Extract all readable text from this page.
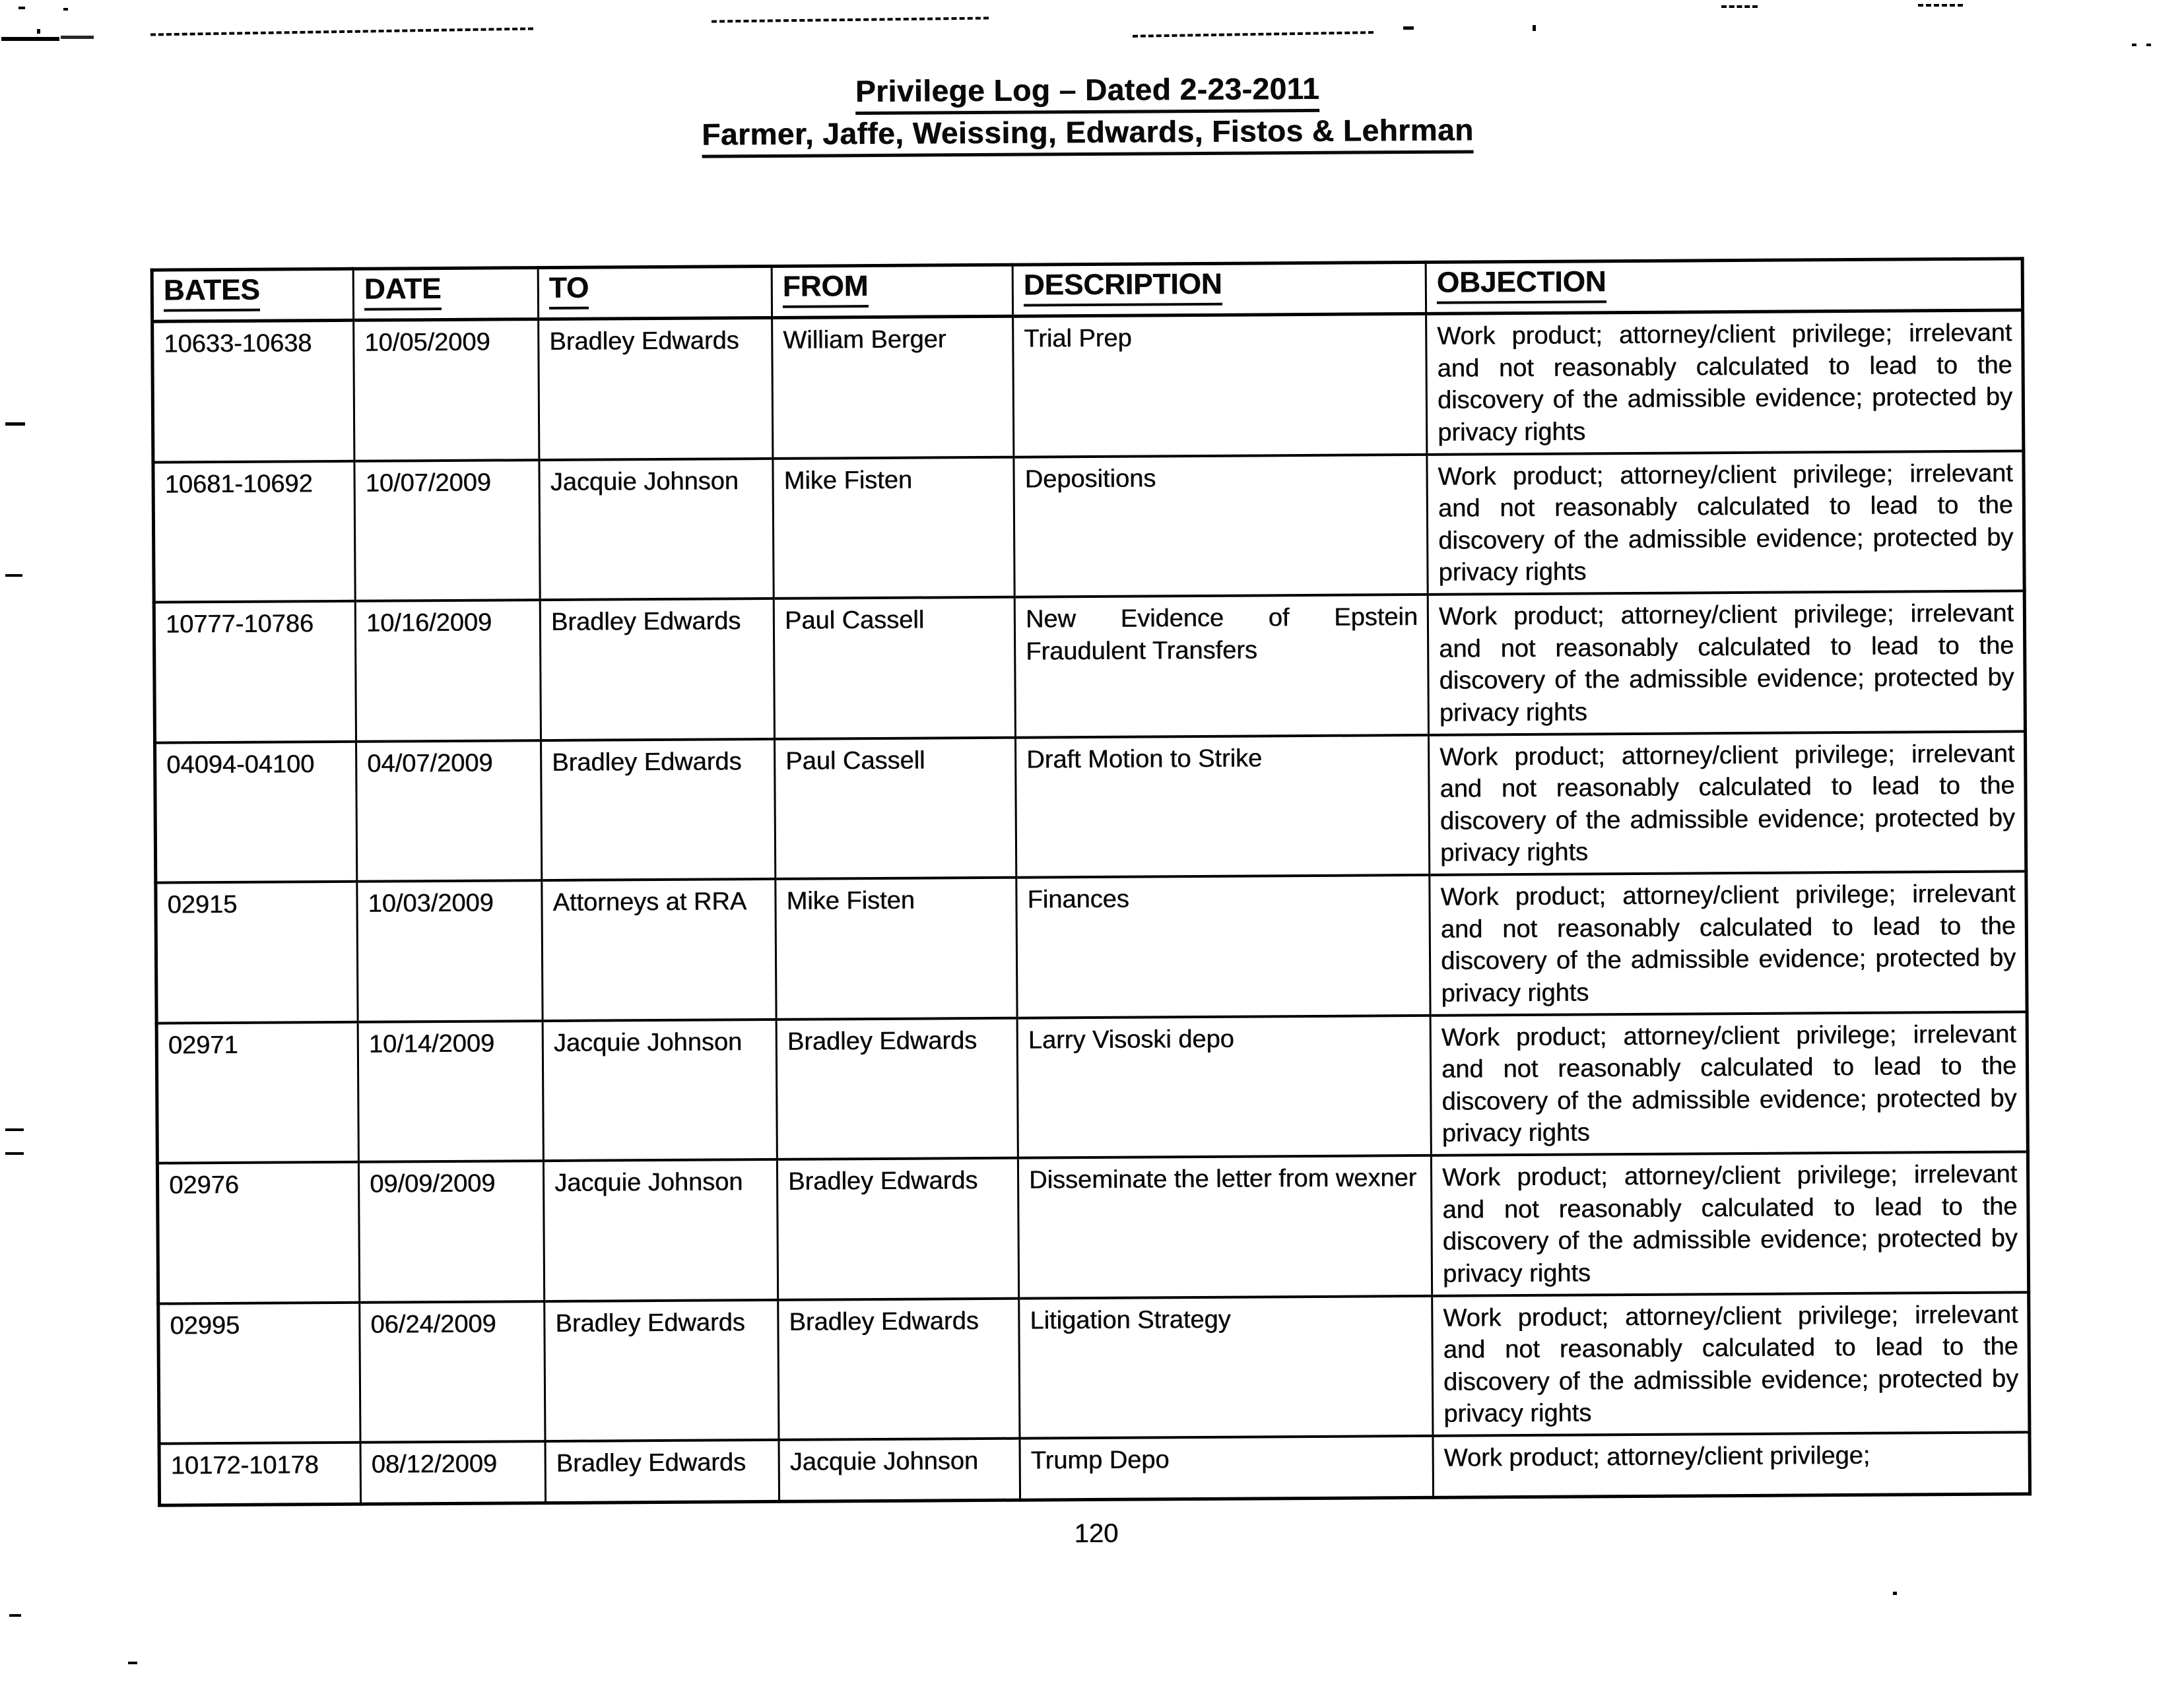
Privilege Log – Dated 2-23-2011
Farmer, Jaffe, Weissing, Edwards, Fistos & Lehrman
BATES	DATE	TO	FROM	DESCRIPTION	OBJECTION
10633-10638	10/05/2009	Bradley Edwards	William Berger	Trial Prep	Work product; attorney/client privilege; irrelevant and not reasonably calculated to lead to the discovery of the admissible evidence; protected by privacy rights
10681-10692	10/07/2009	Jacquie Johnson	Mike Fisten	Depositions	Work product; attorney/client privilege; irrelevant and not reasonably calculated to lead to the discovery of the admissible evidence; protected by privacy rights
10777-10786	10/16/2009	Bradley Edwards	Paul Cassell	New Evidence of Epstein Fraudulent Transfers	Work product; attorney/client privilege; irrelevant and not reasonably calculated to lead to the discovery of the admissible evidence; protected by privacy rights
04094-04100	04/07/2009	Bradley Edwards	Paul Cassell	Draft Motion to Strike	Work product; attorney/client privilege; irrelevant and not reasonably calculated to lead to the discovery of the admissible evidence; protected by privacy rights
02915	10/03/2009	Attorneys at RRA	Mike Fisten	Finances	Work product; attorney/client privilege; irrelevant and not reasonably calculated to lead to the discovery of the admissible evidence; protected by privacy rights
02971	10/14/2009	Jacquie Johnson	Bradley Edwards	Larry Visoski depo	Work product; attorney/client privilege; irrelevant and not reasonably calculated to lead to the discovery of the admissible evidence; protected by privacy rights
02976	09/09/2009	Jacquie Johnson	Bradley Edwards	Disseminate the letter from wexner	Work product; attorney/client privilege; irrelevant and not reasonably calculated to lead to the discovery of the admissible evidence; protected by privacy rights
02995	06/24/2009	Bradley Edwards	Bradley Edwards	Litigation Strategy	Work product; attorney/client privilege; irrelevant and not reasonably calculated to lead to the discovery of the admissible evidence; protected by privacy rights
10172-10178	08/12/2009	Bradley Edwards	Jacquie Johnson	Trump Depo	Work product; attorney/client privilege;
120
